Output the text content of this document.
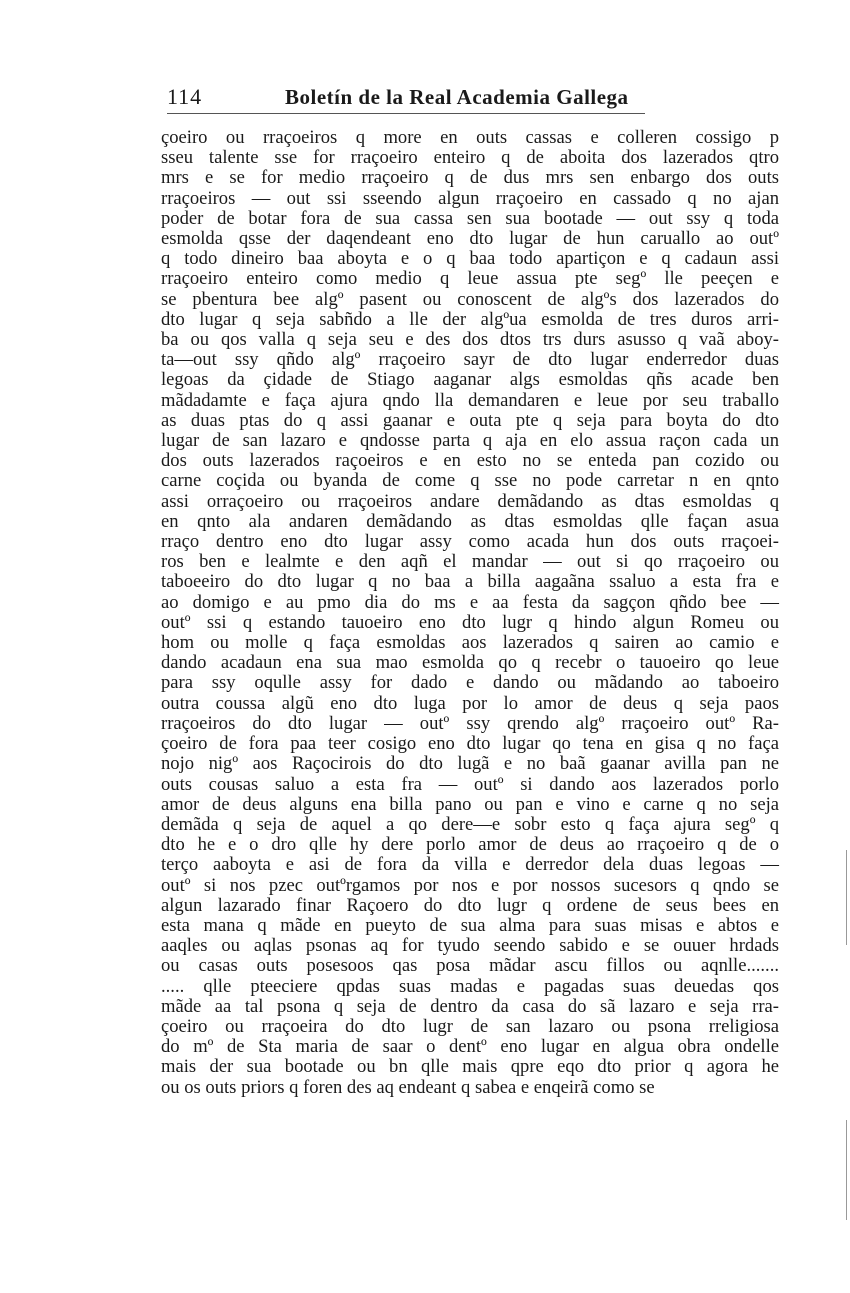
114	Boletín de la Real Academia Gallega
çoeiro ou rraçoeiros q more en outs cassas e colleren cossigo p
sseu talente sse for rraçoeiro enteiro q de aboita dos lazerados qtro
mrs e se for medio rraçoeiro q de dus mrs sen enbargo dos outs
rraçoeiros — out ssi sseendo algun rraçoeiro en cassado q no ajan
poder de botar fora de sua cassa sen sua bootade — out ssy q toda
esmolda qsse der daqendeant eno dto lugar de hun caruallo ao outº
q todo dineiro baa aboyta e o q baa todo apartiçon e q cadaun assi
rraçoeiro enteiro como medio q leue assua pte segº lle peeçen e
se pbentura bee algº pasent ou conoscent de algºs dos lazerados do
dto lugar q seja sabñdo a lle der algºua esmolda de tres duros arri-
ba ou qos valla q seja seu e des dos dtos trs durs asusso q vaã aboy-
ta—out ssy qñdo algº rraçoeiro sayr de dto lugar enderredor duas
legoas da çidade de Stiago aaganar algs esmoldas qñs acade ben
mãdadamte e faça ajura qndo lla demandaren e leue por seu traballo
as duas ptas do q assi gaanar e outa pte q seja para boyta do dto
lugar de san lazaro e qndosse parta q aja en elo assua raçon cada un
dos outs lazerados raçoeiros e en esto no se enteda pan cozido ou
carne coçida ou byanda de come q sse no pode carretar n en qnto
assi orraçoeiro ou rraçoeiros andare demãdando as dtas esmoldas q
en qnto ala andaren demãdando as dtas esmoldas qlle façan asua
rraço dentro eno dto lugar assy como acada hun dos outs rraçoei-
ros ben e lealmte e den aqñ el mandar — out si qo rraçoeiro ou
taboeeiro do dto lugar q no baa a billa aagaãna ssaluo a esta fra e
ao domigo e au pmo dia do ms e aa festa da sagçon qñdo bee —
outº ssi q estando tauoeiro eno dto lugr q hindo algun Romeu ou
hom ou molle q faça esmoldas aos lazerados q sairen ao camio e
dando acadaun ena sua mao esmolda qo q recebr o tauoeiro qo leue
para ssy oqulle assy for dado e dando ou mãdando ao taboeiro
outra coussa algũ eno dto luga por lo amor de deus q seja paos
rraçoeiros do dto lugar — outº ssy qrendo algº rraçoeiro outº Ra-
çoeiro de fora paa teer cosigo eno dto lugar qo tena en gisa q no faça
nojo nigº aos Raçocirois do dto lugã e no baã gaanar avilla pan ne
outs cousas saluo a esta fra — outº si dando aos lazerados porlo
amor de deus alguns ena billa pano ou pan e vino e carne q no seja
demãda q seja de aquel a qo dere—e sobr esto q faça ajura segº q
dto he e o dro qlle hy dere porlo amor de deus ao rraçoeiro q de o
terço aaboyta e asi de fora da villa e derredor dela duas legoas —
outº si nos pzec outºrgamos por nos e por nossos sucesors q qndo se
algun lazarado finar Raçoero do dto lugr q ordene de seus bees en
esta mana q mãde en pueyto de sua alma para suas misas e abtos e
aaqles ou aqlas psonas aq for tyudo seendo sabido e se ouuer hrdads
ou casas outs posesoos qas posa mãdar ascu fillos ou aqnlle.......
..... qlle pteeciere qpdas suas madas e pagadas suas deuedas qos
mãde aa tal psona q seja de dentro da casa do sã lazaro e seja rra-
çoeiro ou rraçoeira do dto lugr de san lazaro ou psona rreligiosa
do mº de Sta maria de saar o dentº eno lugar en algua obra ondelle
mais der sua bootade ou bn qlle mais qpre eqo dto prior q agora he
ou os outs priors q foren des aq endeant q sabea e enqeirã como se
